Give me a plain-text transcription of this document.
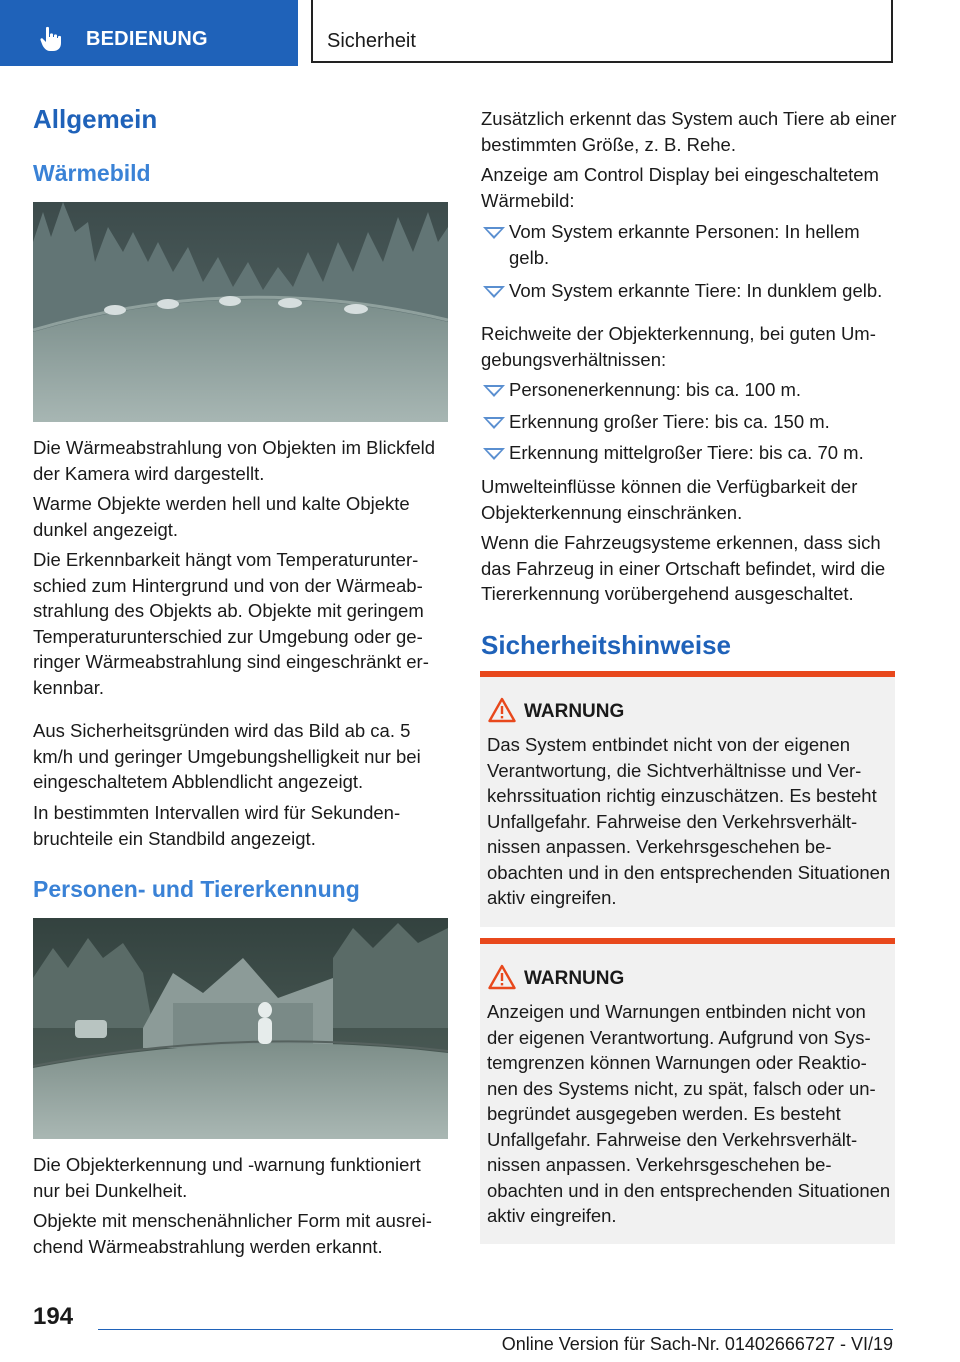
BEDIENUNG	Sicherheit
Allgemein
Wärmebild

Die Wärmeabstrahlung von Objekten im Blickfeld der Kamera wird dargestellt.

Warme Objekte werden hell und kalte Objekte dunkel angezeigt.

Die Erkennbarkeit hängt vom Temperaturunterschied zum Hintergrund und von der Wärmeabstrahlung des Objekts ab. Objekte mit geringem Temperaturunterschied zur Umgebung oder geringer Wärmeabstrahlung sind eingeschränkt erkennbar.

Aus Sicherheitsgründen wird das Bild ab ca. 5 km/h und geringer Umgebungshelligkeit nur bei eingeschaltetem Abblendlicht angezeigt.

In bestimmten Intervallen wird für Sekundenbruchteile ein Standbild angezeigt.

Personen- und Tiererkennung

Die Objekterkennung und -warnung funktioniert nur bei Dunkelheit.

Objekte mit menschenähnlicher Form mit ausreichend Wärmeabstrahlung werden erkannt.

Zusätzlich erkennt das System auch Tiere ab einer bestimmten Größe, z. B. Rehe.

Anzeige am Control Display bei eingeschaltetem Wärmebild:

Vom System erkannte Personen: In hellem gelb.
Vom System erkannte Tiere: In dunklem gelb.

Reichweite der Objekterkennung, bei guten Umgebungsverhältnissen:

Personenerkennung: bis ca. 100 m.
Erkennung großer Tiere: bis ca. 150 m.
Erkennung mittelgroßer Tiere: bis ca. 70 m.

Umwelteinflüsse können die Verfügbarkeit der Objekterkennung einschränken.

Wenn die Fahrzeugsysteme erkennen, dass sich das Fahrzeug in einer Ortschaft befindet, wird die Tiererkennung vorübergehend ausgeschaltet.

Sicherheitshinweise
WARNUNG

Das System entbindet nicht von der eigenen Verantwortung, die Sichtverhältnisse und Verkehrssituation richtig einzuschätzen. Es besteht Unfallgefahr. Fahrweise den Verkehrsverhältnissen anpassen. Verkehrsgeschehen beobachten und in den entsprechenden Situationen aktiv eingreifen.

WARNUNG

Anzeigen und Warnungen entbinden nicht von der eigenen Verantwortung. Aufgrund von Systemgrenzen können Warnungen oder Reaktionen des Systems nicht, zu spät, falsch oder unbegründet ausgegeben werden. Es besteht Unfallgefahr. Fahrweise den Verkehrsverhältnissen anpassen. Verkehrsgeschehen beobachten und in den entsprechenden Situationen aktiv eingreifen.

194
Online Version für Sach-Nr. 01402666727 - VI/19
